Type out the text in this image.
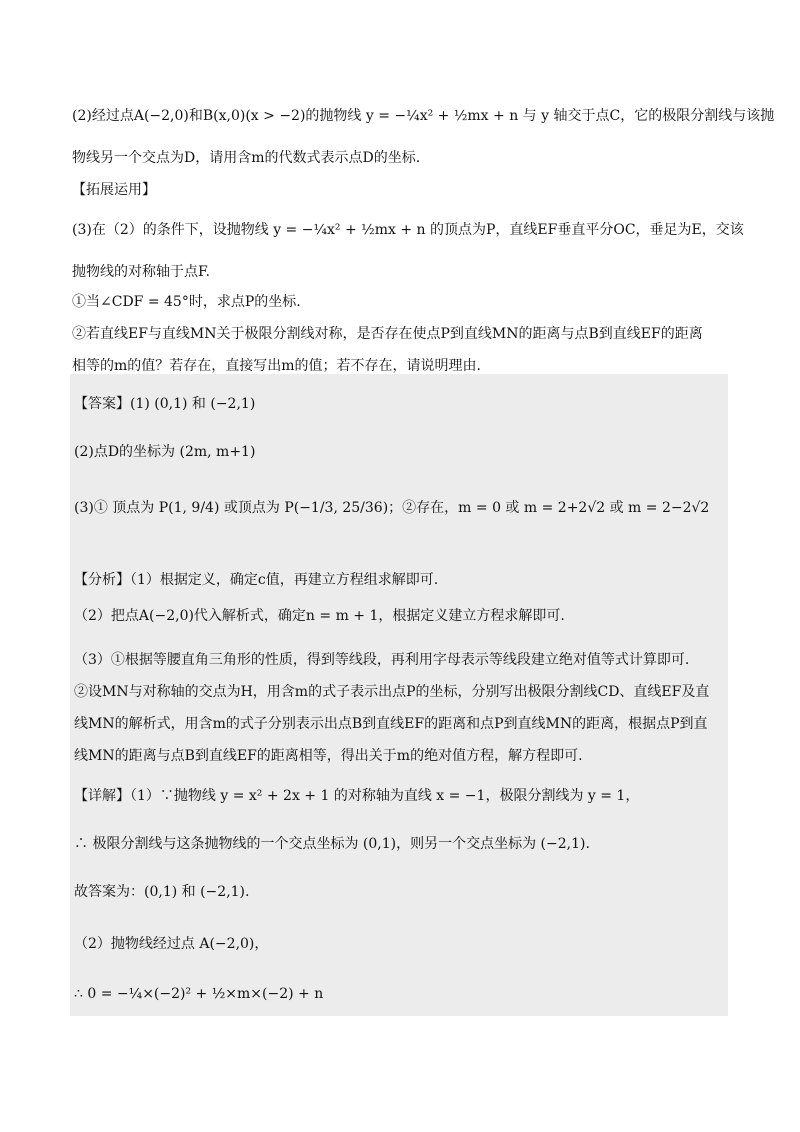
(2)经过点A(−2,0)和B(x,0)(x > −2)的抛物线 y = −¼x² + ½mx + n 与 y 轴交于点C，它的极限分割线与该抛
物线另一个交点为D，请用含m的代数式表示点D的坐标.
【拓展运用】
(3)在（2）的条件下，设抛物线 y = −¼x² + ½mx + n 的顶点为P，直线EF垂直平分OC，垂足为E，交该
抛物线的对称轴于点F.
①当∠CDF = 45°时，求点P的坐标.
②若直线EF与直线MN关于极限分割线对称，是否存在使点P到直线MN的距离与点B到直线EF的距离
相等的m的值？若存在，直接写出m的值；若不存在，请说明理由.
【答案】(1) (0,1) 和 (−2,1)
(2)点D的坐标为 (2m, m+1)
(3)① 顶点为 P(1, 9/4) 或顶点为 P(−1/3, 25/36)；②存在，m = 0 或 m = 2+2√2 或 m = 2−2√2
【分析】（1）根据定义，确定c值，再建立方程组求解即可.
（2）把点A(−2,0)代入解析式，确定n = m + 1，根据定义建立方程求解即可.
（3）①根据等腰直角三角形的性质，得到等线段，再利用字母表示等线段建立绝对值等式计算即可.
②设MN与对称轴的交点为H，用含m的式子表示出点P的坐标，分别写出极限分割线CD、直线EF及直
线MN的解析式，用含m的式子分别表示出点B到直线EF的距离和点P到直线MN的距离，根据点P到直
线MN的距离与点B到直线EF的距离相等，得出关于m的绝对值方程，解方程即可.
【详解】（1）∵抛物线 y = x² + 2x + 1 的对称轴为直线 x = −1，极限分割线为 y = 1，
∴ 极限分割线与这条抛物线的一个交点坐标为 (0,1)，则另一个交点坐标为 (−2,1).
故答案为：(0,1) 和 (−2,1).
（2）抛物线经过点 A(−2,0)，
∴ 0 = −¼×(−2)² + ½×m×(−2) + n
